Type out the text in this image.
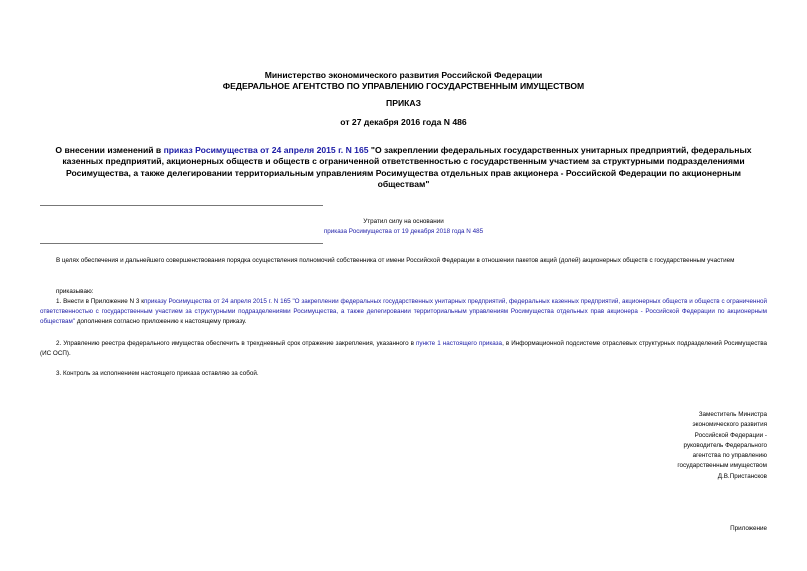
Министерство экономического развития Российской Федерации
ФЕДЕРАЛЬНОЕ АГЕНТСТВО ПО УПРАВЛЕНИЮ ГОСУДАРСТВЕННЫМ ИМУЩЕСТВОМ
ПРИКАЗ
от 27 декабря 2016 года N 486
О внесении изменений в приказ Росимущества от 24 апреля 2015 г. N 165 "О закреплении федеральных государственных унитарных предприятий, федеральных казенных предприятий, акционерных обществ и обществ с ограниченной ответственностью с государственным участием за структурными подразделениями Росимущества, а также делегировании территориальным управлениям Росимущества отдельных прав акционера - Российской Федерации по акционерным обществам"
Утратил силу на основании
приказа Росимущества от 19 декабря 2018 года N 485
В целях обеспечения и дальнейшего совершенствования порядка осуществления полномочий собственника от имени Российской Федерации в отношении пакетов акций (долей) акционерных обществ с государственным участием
приказываю:
1. Внести в Приложение N 3 кприказу Росимущества от 24 апреля 2015 г. N 165 "О закреплении федеральных государственных унитарных предприятий, федеральных казенных предприятий, акционерных обществ и обществ с ограниченной ответственностью с государственным участием за структурными подразделениями Росимущества, а также делегировании территориальным управлениям Росимущества отдельных прав акционера - Российской Федерации по акционерным обществам" дополнения согласно приложению к настоящему приказу.
2. Управлению реестра федерального имущества обеспечить в трехдневный срок отражение закрепления, указанного в пункте 1 настоящего приказа, в Информационной подсистеме отраслевых структурных подразделений Росимущества (ИС ОСП).
3. Контроль за исполнением настоящего приказа оставляю за собой.
Заместитель Министра
экономического развития
Российской Федерации -
руководитель Федерального
агентства по управлению
государственным имуществом
Д.В.Пристансков
Приложение
